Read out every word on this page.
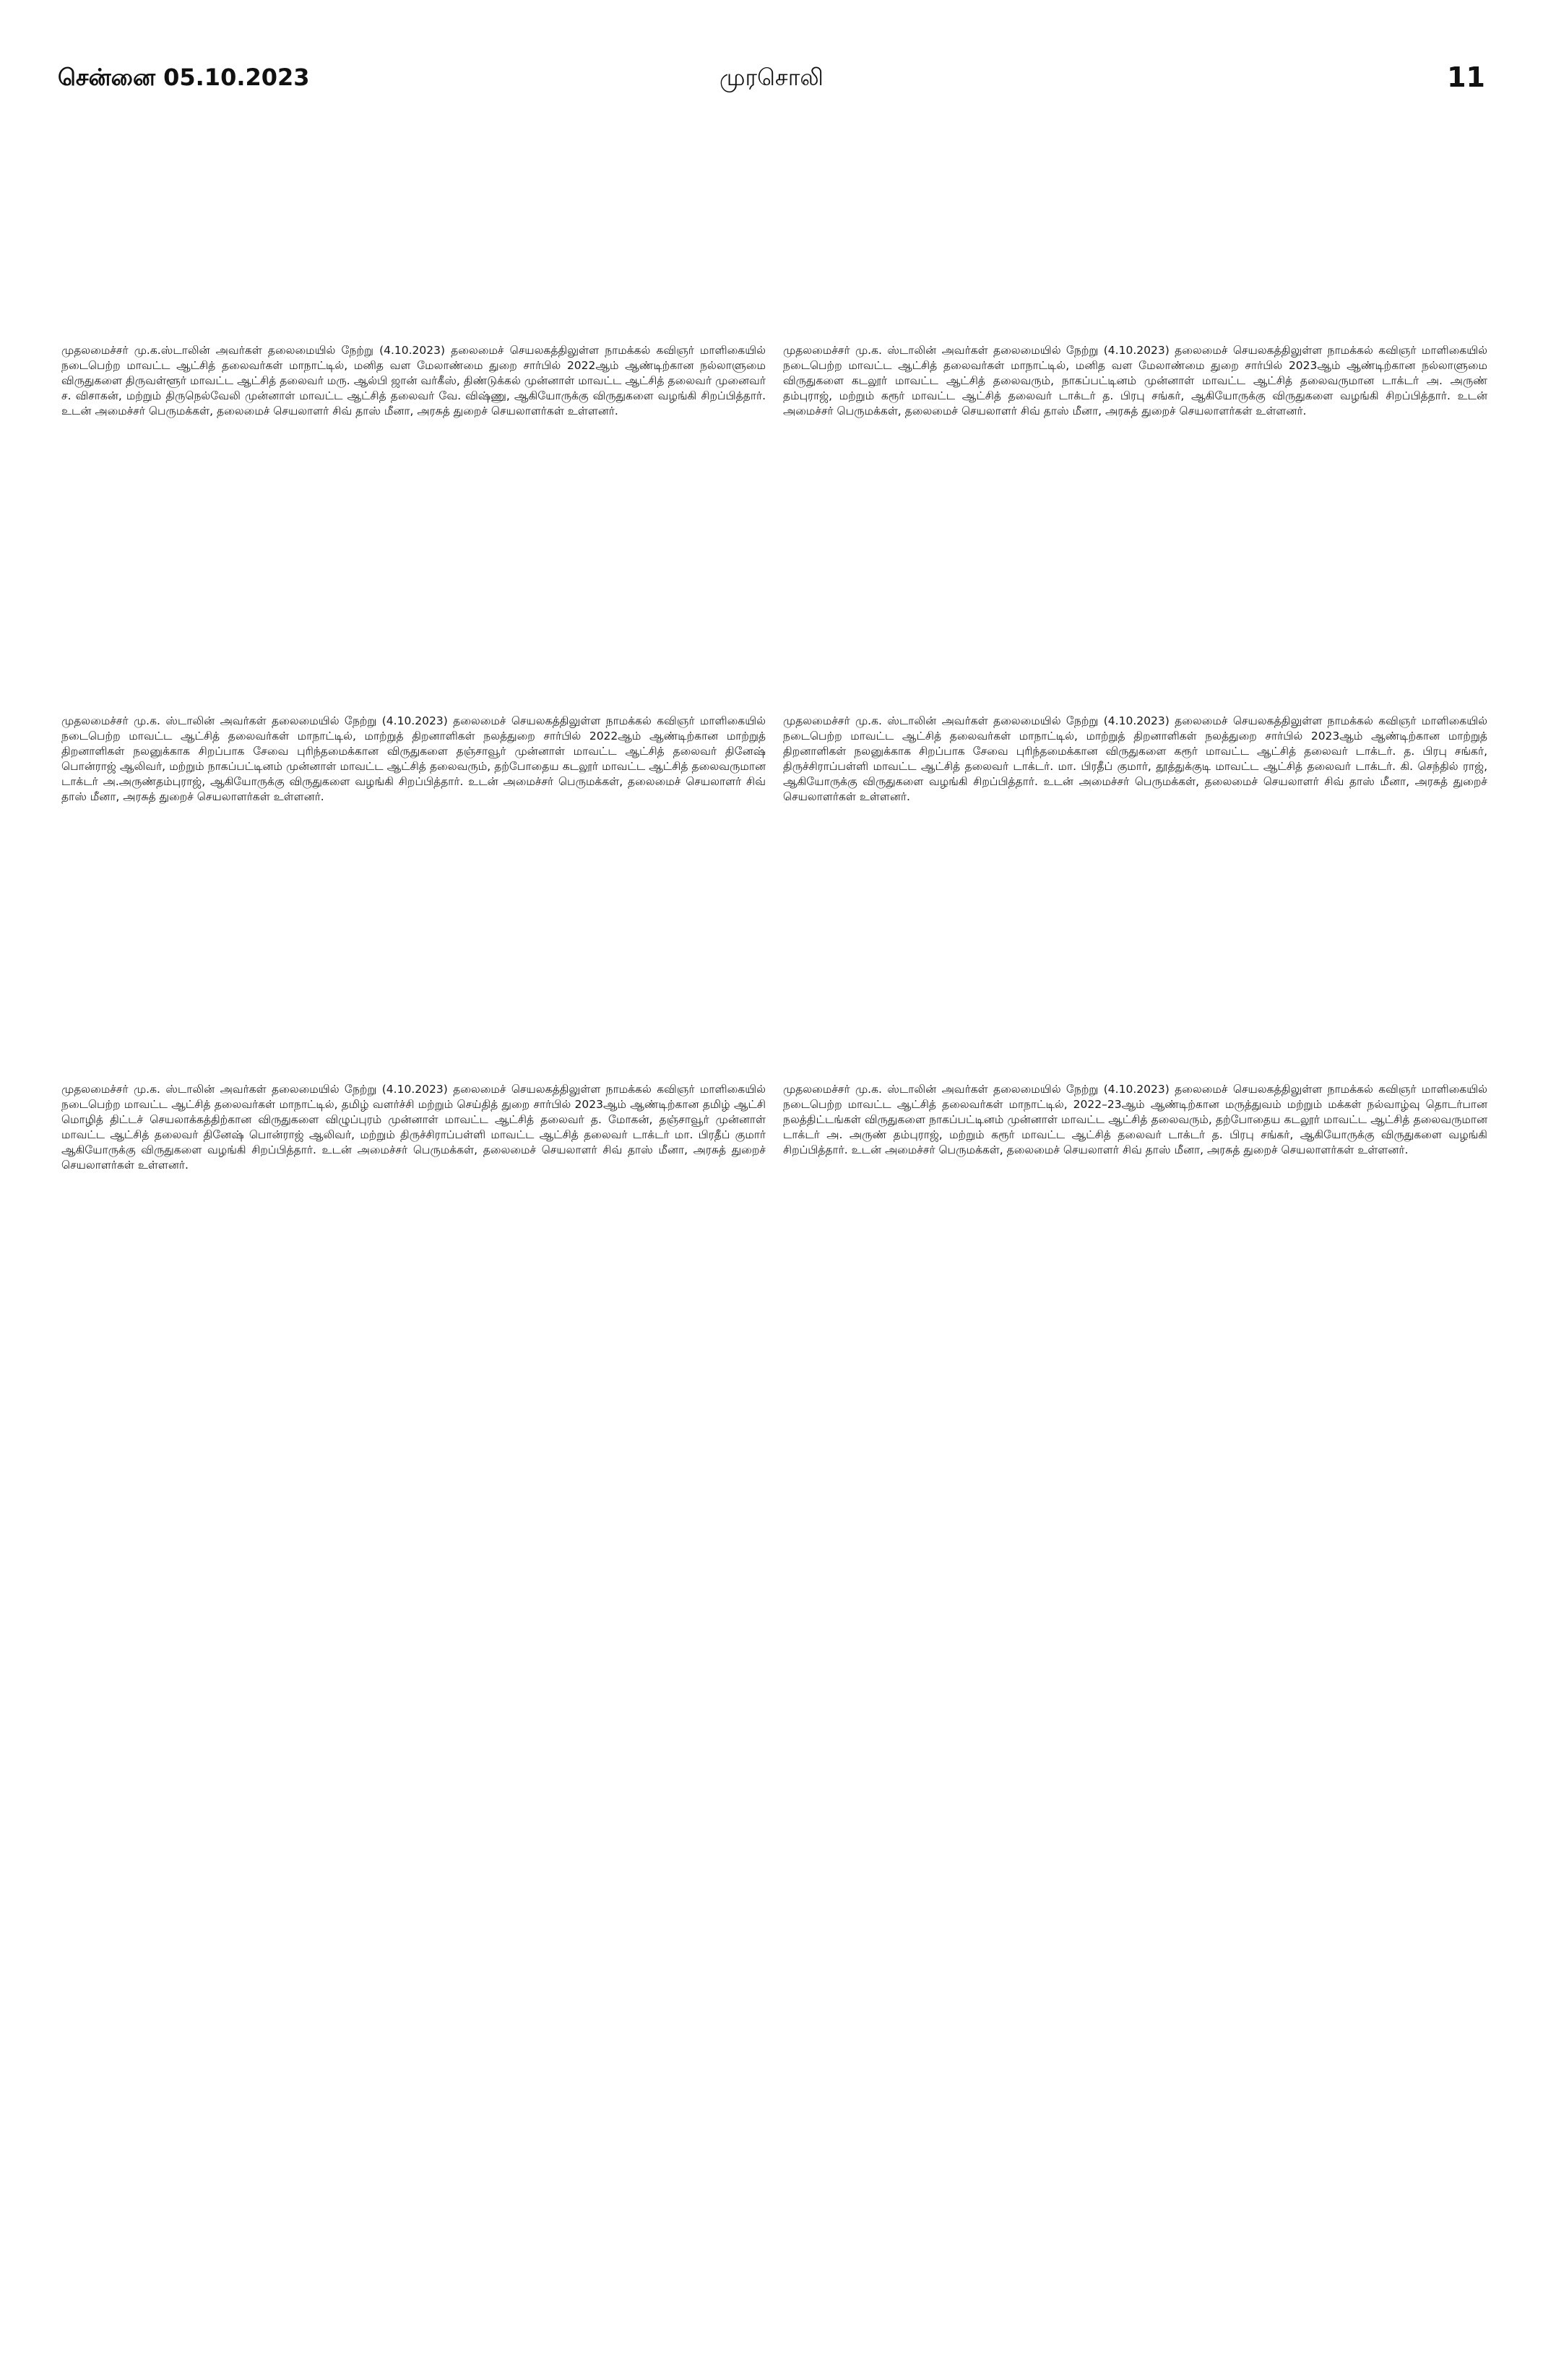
சென்னை 05.10.2023	முரசொலி	11

முதலமைச்சர் மு.க.ஸ்டாலின் அவர்கள் தலைமையில் நேற்று (4.10.2023) தலைமைச் செயலகத்திலுள்ள நாமக்கல் கவிஞர் மாளிகையில் நடைபெற்ற மாவட்ட ஆட்சித் தலைவர்கள் மாநாட்டில், மனித வள மேலாண்மை துறை சார்பில் 2022ஆம் ஆண்டிற்கான நல்லாளுமை விருதுகளை திருவள்ளூர் மாவட்ட ஆட்சித் தலைவர் மரு. ஆல்பி ஜான் வர்கீஸ், திண்டுக்கல் முன்னாள் மாவட்ட ஆட்சித் தலைவர் முனைவர் ச. விசாகன், மற்றும் திருநெல்வேலி முன்னாள் மாவட்ட ஆட்சித் தலைவர் வே. விஷ்ணு, ஆகியோருக்கு விருதுகளை வழங்கி சிறப்பித்தார். உடன் அமைச்சர் பெருமக்கள், தலைமைச் செயலாளர் சிவ் தாஸ் மீனா, அரசுத் துறைச் செயலாளர்கள் உள்ளனர்.

முதலமைச்சர் மு.க. ஸ்டாலின் அவர்கள் தலைமையில் நேற்று (4.10.2023) தலைமைச் செயலகத்திலுள்ள நாமக்கல் கவிஞர் மாளிகையில் நடைபெற்ற மாவட்ட ஆட்சித் தலைவர்கள் மாநாட்டில், மனித வள மேலாண்மை துறை சார்பில் 2023ஆம் ஆண்டிற்கான நல்லாளுமை விருதுகளை கடலூர் மாவட்ட ஆட்சித் தலைவரும், நாகப்பட்டினம் முன்னாள் மாவட்ட ஆட்சித் தலைவருமான டாக்டர் அ. அருண் தம்புராஜ், மற்றும் கரூர் மாவட்ட ஆட்சித் தலைவர் டாக்டர் த. பிரபு சங்கர், ஆகியோருக்கு விருதுகளை வழங்கி சிறப்பித்தார். உடன் அமைச்சர் பெருமக்கள், தலைமைச் செயலாளர் சிவ் தாஸ் மீனா, அரசுத் துறைச் செயலாளர்கள் உள்ளனர்.

முதலமைச்சர் மு.க. ஸ்டாலின் அவர்கள் தலைமையில் நேற்று (4.10.2023) தலைமைச் செயலகத்திலுள்ள நாமக்கல் கவிஞர் மாளிகையில் நடைபெற்ற மாவட்ட ஆட்சித் தலைவர்கள் மாநாட்டில், மாற்றுத் திறனாளிகள் நலத்துறை சார்பில் 2022ஆம் ஆண்டிற்கான மாற்றுத் திறனாளிகள் நலனுக்காக சிறப்பாக சேவை புரிந்தமைக்கான விருதுகளை தஞ்சாவூர் முன்னாள் மாவட்ட ஆட்சித் தலைவர் தினேஷ் பொன்ராஜ் ஆலிவர், மற்றும் நாகப்பட்டினம் முன்னாள் மாவட்ட ஆட்சித் தலைவரும், தற்போதைய கடலூர் மாவட்ட ஆட்சித் தலைவருமான டாக்டர் அ.அருண்தம்புராஜ், ஆகியோருக்கு விருதுகளை வழங்கி சிறப்பித்தார். உடன் அமைச்சர் பெருமக்கள், தலைமைச் செயலாளர் சிவ் தாஸ் மீனா, அரசுத் துறைச் செயலாளர்கள் உள்ளனர்.

முதலமைச்சர் மு.க. ஸ்டாலின் அவர்கள் தலைமையில் நேற்று (4.10.2023) தலைமைச் செயலகத்திலுள்ள நாமக்கல் கவிஞர் மாளிகையில் நடைபெற்ற மாவட்ட ஆட்சித் தலைவர்கள் மாநாட்டில், மாற்றுத் திறனாளிகள் நலத்துறை சார்பில் 2023ஆம் ஆண்டிற்கான மாற்றுத் திறனாளிகள் நலனுக்காக சிறப்பாக சேவை புரிந்தமைக்கான விருதுகளை கரூர் மாவட்ட ஆட்சித் தலைவர் டாக்டர். த. பிரபு சங்கர், திருச்சிராப்பள்ளி மாவட்ட ஆட்சித் தலைவர் டாக்டர். மா. பிரதீப் குமார், தூத்துக்குடி மாவட்ட ஆட்சித் தலைவர் டாக்டர். கி. செந்தில் ராஜ், ஆகியோருக்கு விருதுகளை வழங்கி சிறப்பித்தார். உடன் அமைச்சர் பெருமக்கள், தலைமைச் செயலாளர் சிவ் தாஸ் மீனா, அரசுத் துறைச் செயலாளர்கள் உள்ளனர்.

முதலமைச்சர் மு.க. ஸ்டாலின் அவர்கள் தலைமையில் நேற்று (4.10.2023) தலைமைச் செயலகத்திலுள்ள நாமக்கல் கவிஞர் மாளிகையில் நடைபெற்ற மாவட்ட ஆட்சித் தலைவர்கள் மாநாட்டில், தமிழ் வளர்ச்சி மற்றும் செய்தித் துறை சார்பில் 2023ஆம் ஆண்டிற்கான தமிழ் ஆட்சி மொழித் திட்டச் செயலாக்கத்திற்கான விருதுகளை விழுப்புரம் முன்னாள் மாவட்ட ஆட்சித் தலைவர் த. மோகன், தஞ்சாவூர் முன்னாள் மாவட்ட ஆட்சித் தலைவர் தினேஷ் பொன்ராஜ் ஆலிவர், மற்றும் திருச்சிராப்பள்ளி மாவட்ட ஆட்சித் தலைவர் டாக்டர் மா. பிரதீப் குமார் ஆகியோருக்கு விருதுகளை வழங்கி சிறப்பித்தார். உடன் அமைச்சர் பெருமக்கள், தலைமைச் செயலாளர் சிவ் தாஸ் மீனா, அரசுத் துறைச் செயலாளர்கள் உள்ளனர்.

முதலமைச்சர் மு.க. ஸ்டாலின் அவர்கள் தலைமையில் நேற்று (4.10.2023) தலைமைச் செயலகத்திலுள்ள நாமக்கல் கவிஞர் மாளிகையில் நடைபெற்ற மாவட்ட ஆட்சித் தலைவர்கள் மாநாட்டில், 2022–23ஆம் ஆண்டிற்கான மருத்துவம் மற்றும் மக்கள் நல்வாழ்வு தொடர்பான நலத்திட்டங்கள் விருதுகளை நாகப்பட்டினம் முன்னாள் மாவட்ட ஆட்சித் தலைவரும், தற்போதைய கடலூர் மாவட்ட ஆட்சித் தலைவருமான டாக்டர் அ. அருண் தம்புராஜ், மற்றும் கரூர் மாவட்ட ஆட்சித் தலைவர் டாக்டர் த. பிரபு சங்கர், ஆகியோருக்கு விருதுகளை வழங்கி சிறப்பித்தார். உடன் அமைச்சர் பெருமக்கள், தலைமைச் செயலாளர் சிவ் தாஸ் மீனா, அரசுத் துறைச் செயலாளர்கள் உள்ளனர்.
